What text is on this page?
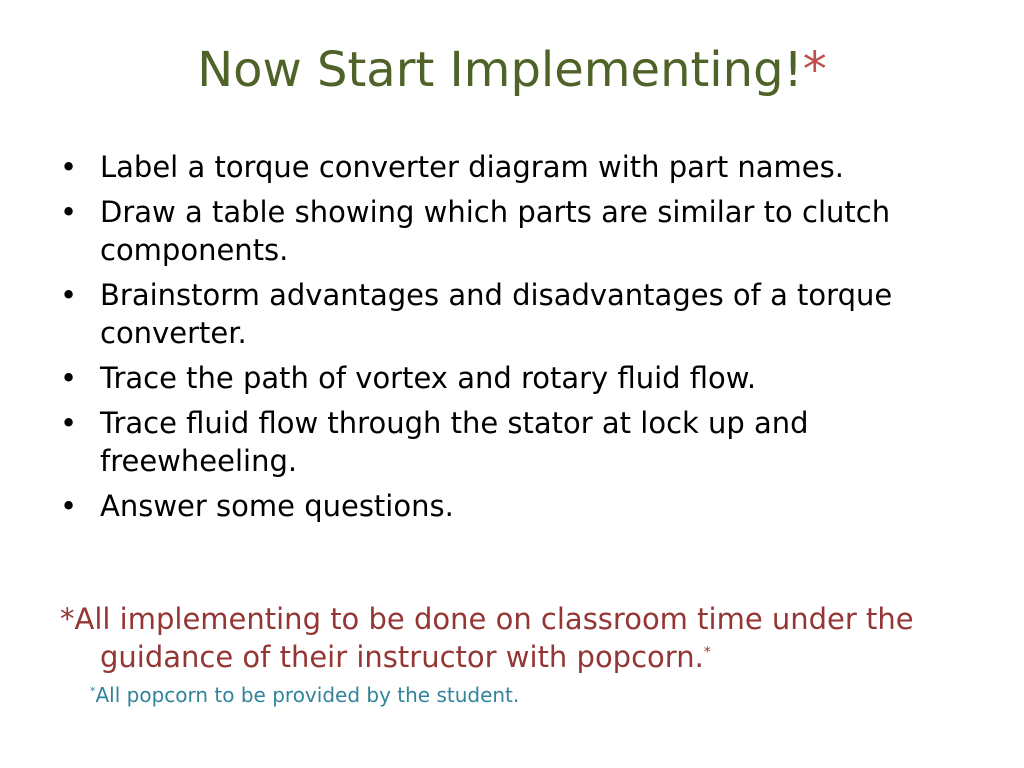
Now Start Implementing!*
• Label a torque converter diagram with part names.
• Draw a table showing which parts are similar to clutch components.
• Brainstorm advantages and disadvantages of a torque converter.
• Trace the path of vortex and rotary fluid flow.
• Trace fluid flow through the stator at lock up and freewheeling.
• Answer some questions.
*All implementing to be done on classroom time under the guidance of their instructor with popcorn.*
*All popcorn to be provided by the student.
